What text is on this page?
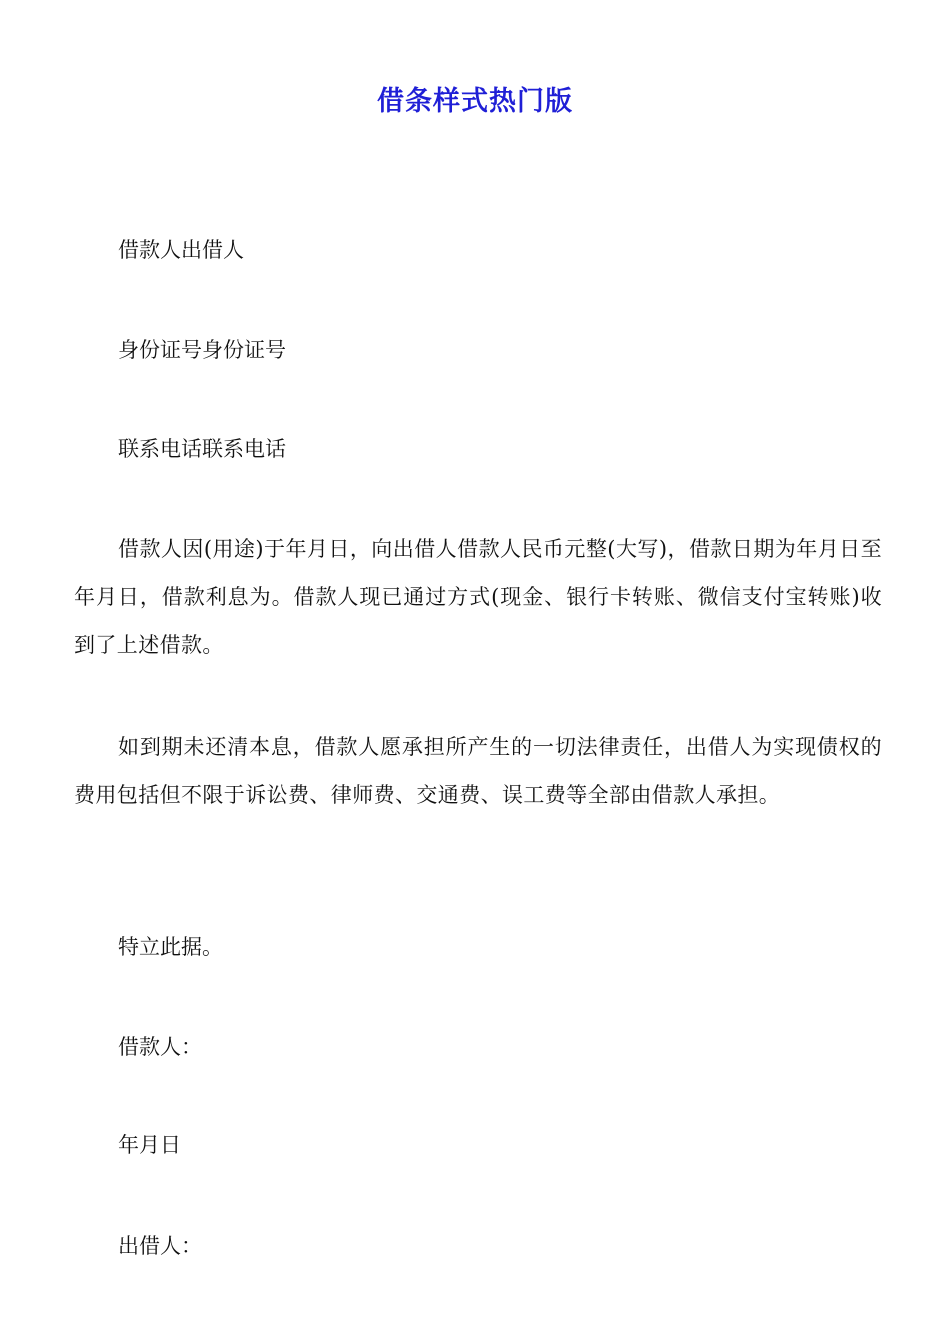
借条样式热门版
借款人出借人
身份证号身份证号
联系电话联系电话
借款人因(用途)于年月日，向出借人借款人民币元整(大写)，借款日期为年月日至年月日，借款利息为。借款人现已通过方式(现金、银行卡转账、微信支付宝转账)收到了上述借款。
如到期未还清本息，借款人愿承担所产生的一切法律责任，出借人为实现债权的费用包括但不限于诉讼费、律师费、交通费、误工费等全部由借款人承担。
特立此据。
借款人：
年月日
出借人：
